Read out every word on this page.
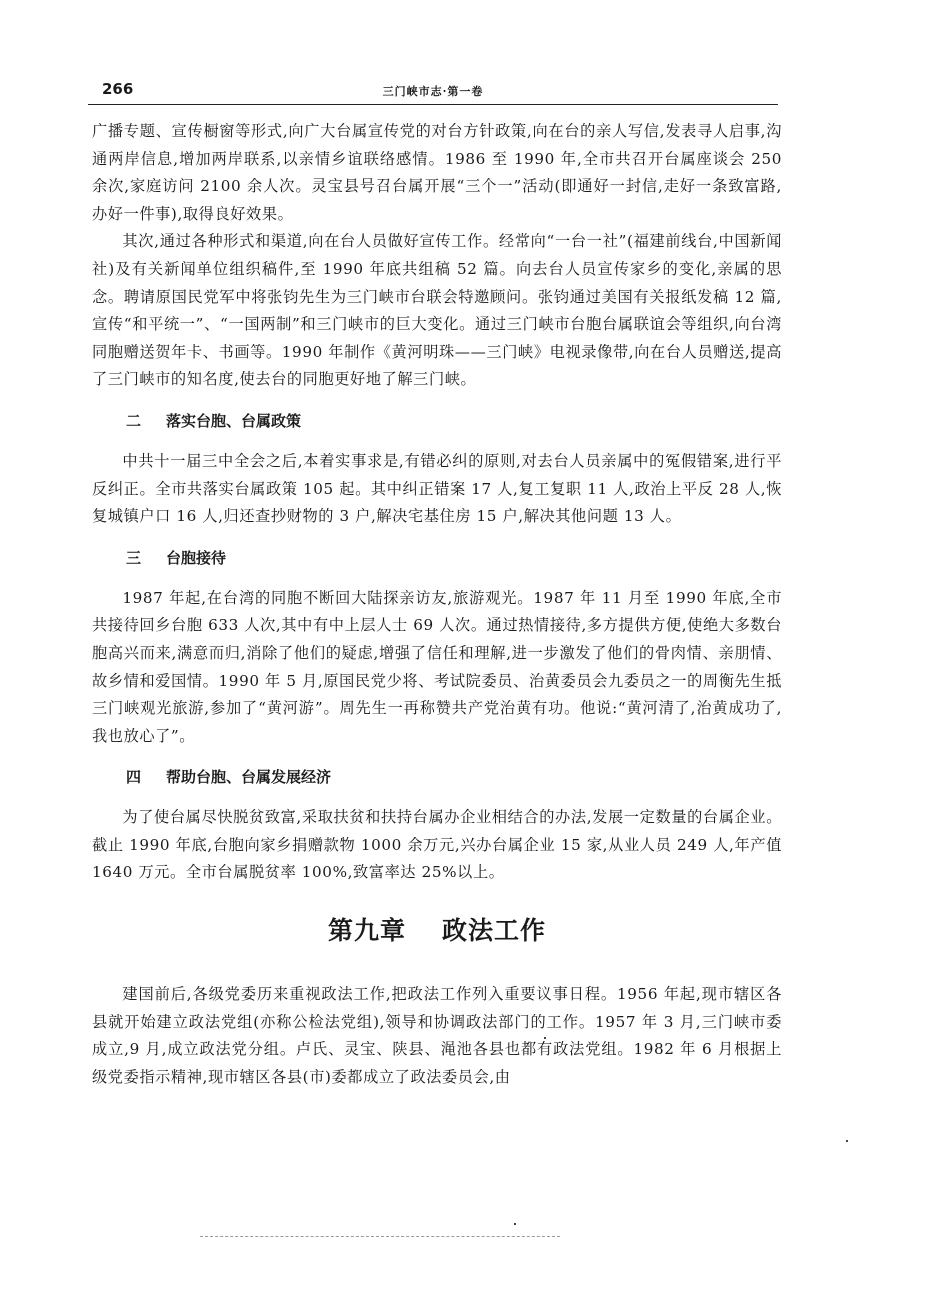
266	三门峡市志·第一卷

广播专题、宣传橱窗等形式,向广大台属宣传党的对台方针政策,向在台的亲人写信,发表寻人启事,沟通两岸信息,增加两岸联系,以亲情乡谊联络感情。1986 至 1990 年,全市共召开台属座谈会 250 余次,家庭访问 2100 余人次。灵宝县号召台属开展“三个一”活动(即通好一封信,走好一条致富路,办好一件事),取得良好效果。

其次,通过各种形式和渠道,向在台人员做好宣传工作。经常向“一台一社”(福建前线台,中国新闻社)及有关新闻单位组织稿件,至 1990 年底共组稿 52 篇。向去台人员宣传家乡的变化,亲属的思念。聘请原国民党军中将张钧先生为三门峡市台联会特邀顾问。张钧通过美国有关报纸发稿 12 篇,宣传“和平统一”、“一国两制”和三门峡市的巨大变化。通过三门峡市台胞台属联谊会等组织,向台湾同胞赠送贺年卡、书画等。1990 年制作《黄河明珠——三门峡》电视录像带,向在台人员赠送,提高了三门峡市的知名度,使去台的同胞更好地了解三门峡。

二 落实台胞、台属政策

中共十一届三中全会之后,本着实事求是,有错必纠的原则,对去台人员亲属中的冤假错案,进行平反纠正。全市共落实台属政策 105 起。其中纠正错案 17 人,复工复职 11 人,政治上平反 28 人,恢复城镇户口 16 人,归还查抄财物的 3 户,解决宅基住房 15 户,解决其他问题 13 人。

三 台胞接待

1987 年起,在台湾的同胞不断回大陆探亲访友,旅游观光。1987 年 11 月至 1990 年底,全市共接待回乡台胞 633 人次,其中有中上层人士 69 人次。通过热情接待,多方提供方便,使绝大多数台胞高兴而来,满意而归,消除了他们的疑虑,增强了信任和理解,进一步激发了他们的骨肉情、亲朋情、故乡情和爱国情。1990 年 5 月,原国民党少将、考试院委员、治黄委员会九委员之一的周衡先生抵三门峡观光旅游,参加了“黄河游”。周先生一再称赞共产党治黄有功。他说:“黄河清了,治黄成功了,我也放心了”。

四 帮助台胞、台属发展经济

为了使台属尽快脱贫致富,采取扶贫和扶持台属办企业相结合的办法,发展一定数量的台属企业。截止 1990 年底,台胞向家乡捐赠款物 1000 余万元,兴办台属企业 15 家,从业人员 249 人,年产值 1640 万元。全市台属脱贫率 100%,致富率达 25%以上。

第九章 政法工作

建国前后,各级党委历来重视政法工作,把政法工作列入重要议事日程。1956 年起,现市辖区各县就开始建立政法党组(亦称公检法党组),领导和协调政法部门的工作。1957 年 3 月,三门峡市委成立,9 月,成立政法党分组。卢氏、灵宝、陕县、渑池各县也都有政法党组。1982 年 6 月根据上级党委指示精神,现市辖区各县(市)委都成立了政法委员会,由
